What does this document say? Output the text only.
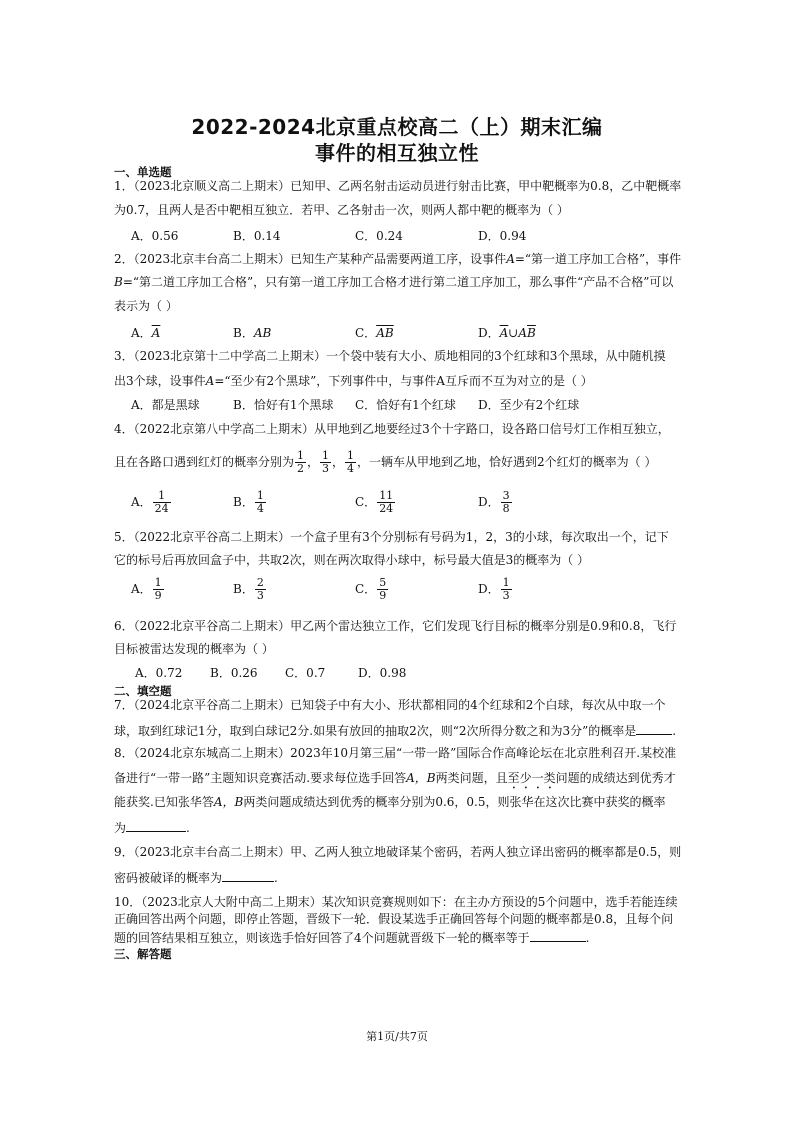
2022-2024北京重点校高二（上）期末汇编
事件的相互独立性
一、单选题
1．（2023北京顺义高二上期末）已知甲、乙两名射击运动员进行射击比赛，甲中靶概率为0.8，乙中靶概率
为0.7，且两人是否中靶相互独立．若甲、乙各射击一次，则两人都中靶的概率为（ ）
A．0.56	B．0.14	C．0.24	D．0.94
2．（2023北京丰台高二上期末）已知生产某种产品需要两道工序，设事件A=“第一道工序加工合格”，事件
B=“第二道工序加工合格”，只有第一道工序加工合格才进行第二道工序加工，那么事件“产品不合格”可以
表示为（ ）
A．$\overline{A}$	B．AB	C．$\overline{AB}$	D．$\overline{A}\cup A\overline{B}$
3．（2023北京第十二中学高二上期末）一个袋中装有大小、质地相同的3个红球和3个黑球，从中随机摸
出3个球，设事件A=“至少有2个黑球”，下列事件中，与事件A互斥而不互为对立的是（ ）
A．都是黑球	B．恰好有1个黑球 C．恰好有1个红球 D．至少有2个红球
4．（2022北京第八中学高二上期末）从甲地到乙地要经过3个十字路口，设各路口信号灯工作相互独立，
且在各路口遇到红灯的概率分别为 $\frac{1}{2}$ ， $\frac{1}{3}$ ， $\frac{1}{4}$ ，一辆车从甲地到乙地，恰好遇到2个红灯的概率为（ ）
A． $\frac{1}{24}$	B． $\frac{1}{4}$	C． $\frac{11}{24}$	D． $\frac{3}{8}$
5．（2022北京平谷高二上期末）一个盒子里有3个分别标有号码为1，2，3的小球，每次取出一个，记下
它的标号后再放回盒子中，共取2次，则在两次取得小球中，标号最大值是3的概率为（ ）
A． $\frac{1}{9}$	B． $\frac{2}{3}$	C． $\frac{5}{9}$	D． $\frac{1}{3}$
6．（2022北京平谷高二上期末）甲乙两个雷达独立工作，它们发现飞行目标的概率分别是0.9和0.8，飞行
目标被雷达发现的概率为（ ）
A．0.72 B．0.26 C．0.7	D．0.98
二、填空题
7．（2024北京平谷高二上期末）已知袋子中有大小、形状都相同的4个红球和2个白球，每次从中取一个
球，取到红球记1分，取到白球记2分.如果有放回的抽取2次，则“2次所得分数之和为3分”的概率是	.
8．（2024北京东城高二上期末）2023年10月第三届“一带一路”国际合作高峰论坛在北京胜利召开.某校准
备进行“一带一路”主题知识竞赛活动.要求每位选手回答A，B两类问题，且至少一类问题的成绩达到优秀才
能获奖.已知张华答A，B两类问题成绩达到优秀的概率分别为0.6，0.5，则张华在这次比赛中获奖的概率
为	.
9．（2023北京丰台高二上期末）甲、乙两人独立地破译某个密码，若两人独立译出密码的概率都是0.5，则
密码被破译的概率为	.
10．（2023北京人大附中高二上期末）某次知识竞赛规则如下：在主办方预设的5个问题中，选手若能连续
正确回答出两个问题，即停止答题，晋级下一轮．假设某选手正确回答每个问题的概率都是0.8，且每个问
题的回答结果相互独立，则该选手恰好回答了4个问题就晋级下一轮的概率等于	.
三、解答题
第1页/共7页
